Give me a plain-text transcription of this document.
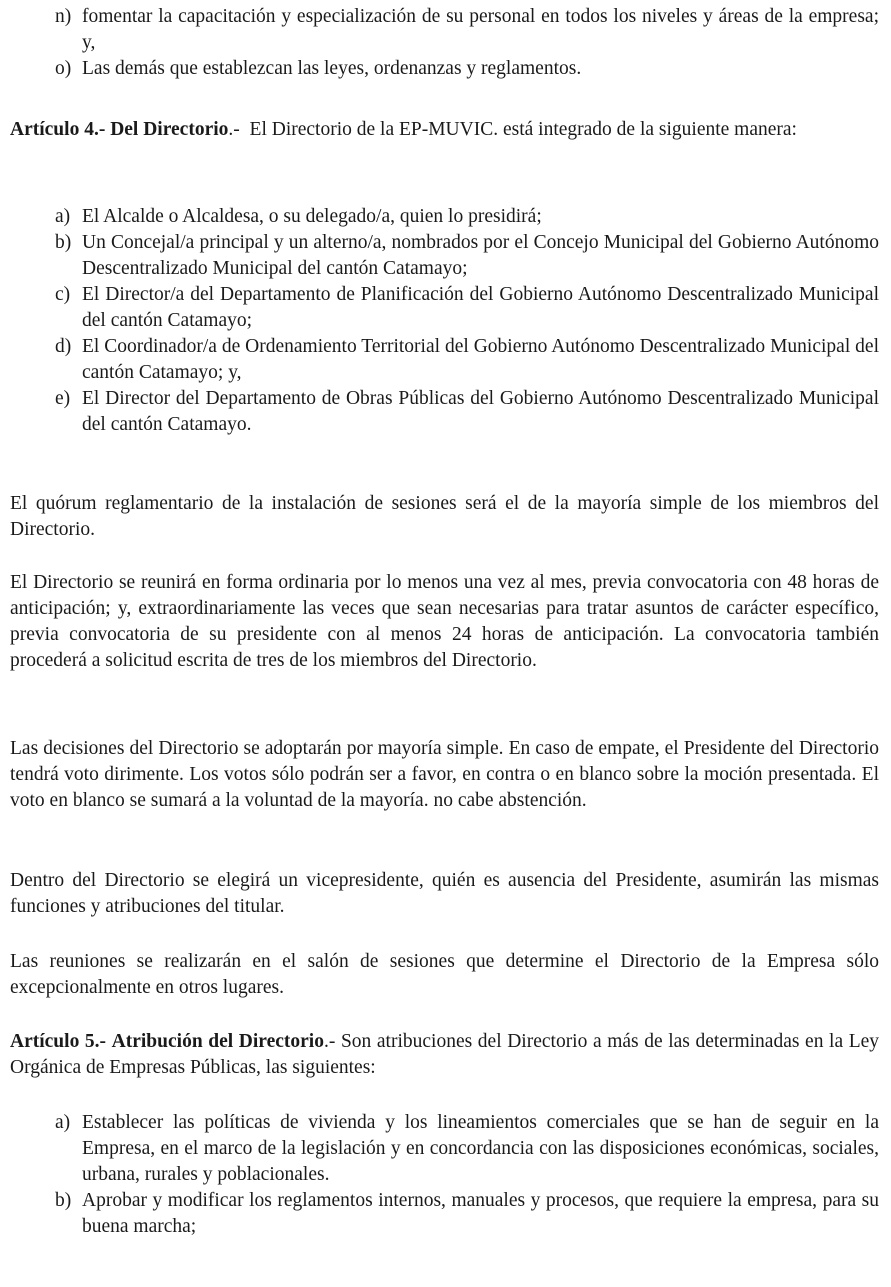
n) fomentar la capacitación y especialización de su personal en todos los niveles y áreas de la empresa; y,
o) Las demás que establezcan las leyes, ordenanzas y reglamentos.

Artículo 4.- Del Directorio.- El Directorio de la EP-MUVIC. está integrado de la siguiente manera:

a) El Alcalde o Alcaldesa, o su delegado/a, quien lo presidirá;
b) Un Concejal/a principal y un alterno/a, nombrados por el Concejo Municipal del Gobierno Autónomo Descentralizado Municipal del cantón Catamayo;
c) El Director/a del Departamento de Planificación del Gobierno Autónomo Descentralizado Municipal del cantón Catamayo;
d) El Coordinador/a de Ordenamiento Territorial del Gobierno Autónomo Descentralizado Municipal del cantón Catamayo; y,
e) El Director del Departamento de Obras Públicas del Gobierno Autónomo Descentralizado Municipal del cantón Catamayo.

El quórum reglamentario de la instalación de sesiones será el de la mayoría simple de los miembros del Directorio.

El Directorio se reunirá en forma ordinaria por lo menos una vez al mes, previa convocatoria con 48 horas de anticipación; y, extraordinariamente las veces que sean necesarias para tratar asuntos de carácter específico, previa convocatoria de su presidente con al menos 24 horas de anticipación. La convocatoria también procederá a solicitud escrita de tres de los miembros del Directorio.

Las decisiones del Directorio se adoptarán por mayoría simple. En caso de empate, el Presidente del Directorio tendrá voto dirimente. Los votos sólo podrán ser a favor, en contra o en blanco sobre la moción presentada. El voto en blanco se sumará a la voluntad de la mayoría. no cabe abstención.

Dentro del Directorio se elegirá un vicepresidente, quién es ausencia del Presidente, asumirán las mismas funciones y atribuciones del titular.

Las reuniones se realizarán en el salón de sesiones que determine el Directorio de la Empresa sólo excepcionalmente en otros lugares.

Artículo 5.- Atribución del Directorio.- Son atribuciones del Directorio a más de las determinadas en la Ley Orgánica de Empresas Públicas, las siguientes:

a) Establecer las políticas de vivienda y los lineamientos comerciales que se han de seguir en la Empresa, en el marco de la legislación y en concordancia con las disposiciones económicas, sociales, urbana, rurales y poblacionales.
b) Aprobar y modificar los reglamentos internos, manuales y procesos, que requiere la empresa, para su buena marcha;
